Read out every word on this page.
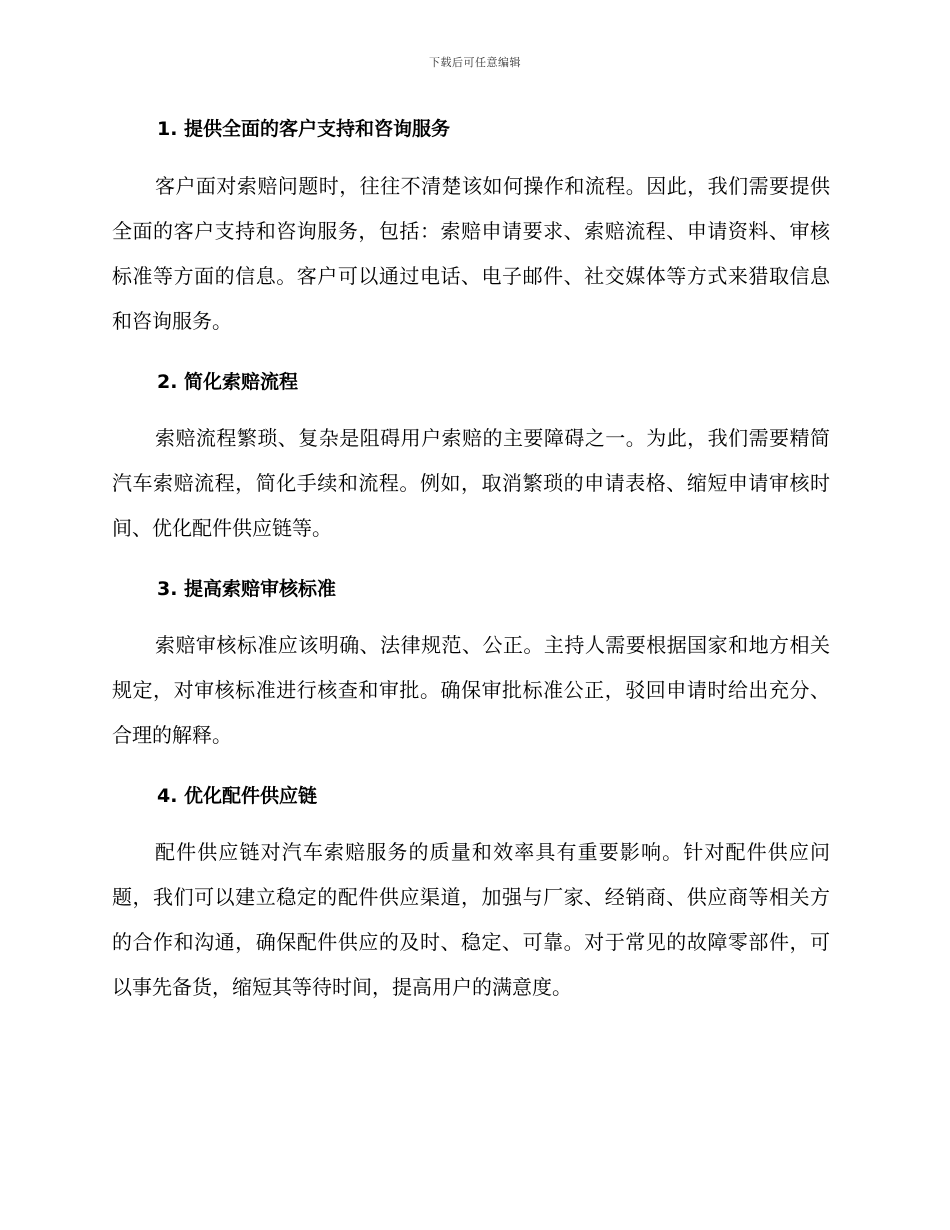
下载后可任意编辑
1. 提供全面的客户支持和咨询服务

客户面对索赔问题时，往往不清楚该如何操作和流程。因此，我们需要提供全面的客户支持和咨询服务，包括：索赔申请要求、索赔流程、申请资料、审核标准等方面的信息。客户可以通过电话、电子邮件、社交媒体等方式来猎取信息和咨询服务。

2. 简化索赔流程

索赔流程繁琐、复杂是阻碍用户索赔的主要障碍之一。为此，我们需要精简汽车索赔流程，简化手续和流程。例如，取消繁琐的申请表格、缩短申请审核时间、优化配件供应链等。

3. 提高索赔审核标准

索赔审核标准应该明确、法律规范、公正。主持人需要根据国家和地方相关规定，对审核标准进行核查和审批。确保审批标准公正，驳回申请时给出充分、合理的解释。

4. 优化配件供应链

配件供应链对汽车索赔服务的质量和效率具有重要影响。针对配件供应问题，我们可以建立稳定的配件供应渠道，加强与厂家、经销商、供应商等相关方的合作和沟通，确保配件供应的及时、稳定、可靠。对于常见的故障零部件，可以事先备货，缩短其等待时间，提高用户的满意度。
